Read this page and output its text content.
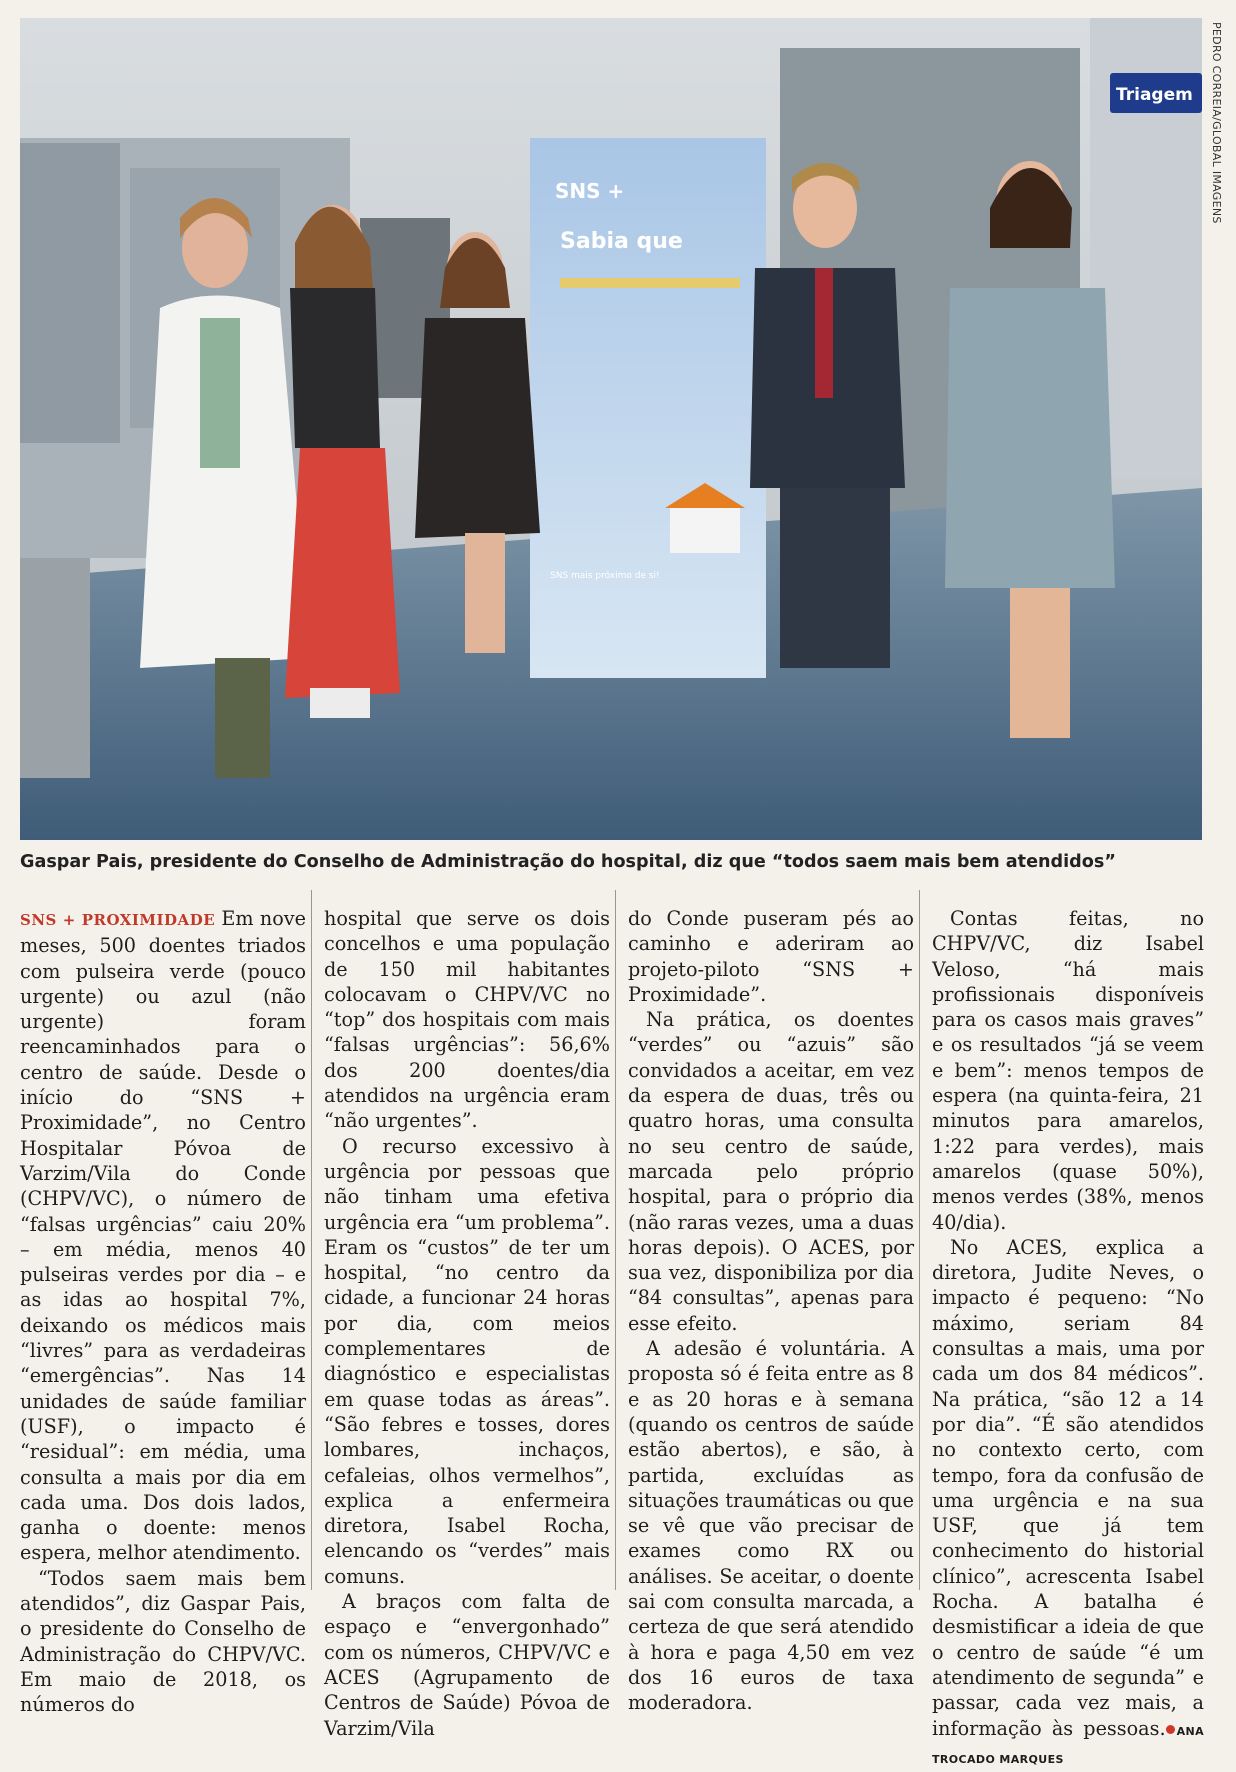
Triagem
SNS +
Sabia que
SNS mais próximo de si!
PEDRO CORREIA/GLOBAL IMAGENS
Gaspar Pais, presidente do Conselho de Administração do hospital, diz que “todos saem mais bem atendidos”

SNS + PROXIMIDADE Em nove meses, 500 doentes triados com pulseira verde (pouco urgente) ou azul (não urgente) foram reencaminhados para o centro de saúde. Desde o início do “SNS + Proximidade”, no Centro Hospitalar Póvoa de Varzim/Vila do Conde (CHPV/VC), o número de “falsas urgências” caiu 20% – em média, menos 40 pulseiras verdes por dia – e as idas ao hospital 7%, deixando os médicos mais “livres” para as verdadeiras “emergências”. Nas 14 unidades de saúde familiar (USF), o impacto é “residual”: em média, uma consulta a mais por dia em cada uma. Dos dois lados, ganha o doente: menos espera, melhor atendimento.

“Todos saem mais bem atendidos”, diz Gaspar Pais, o presidente do Conselho de Administração do CHPV/VC. Em maio de 2018, os números do

hospital que serve os dois concelhos e uma população de 150 mil habitantes colocavam o CHPV/VC no “top” dos hospitais com mais “falsas urgências”: 56,6% dos 200 doentes/dia atendidos na urgência eram “não urgentes”.

O recurso excessivo à urgência por pessoas que não tinham uma efetiva urgência era “um problema”. Eram os “custos” de ter um hospital, “no centro da cidade, a funcionar 24 horas por dia, com meios complementares de diagnóstico e especialistas em quase todas as áreas”. “São febres e tosses, dores lombares, inchaços, cefaleias, olhos vermelhos”, explica a enfermeira diretora, Isabel Rocha, elencando os “verdes” mais comuns.

A braços com falta de espaço e “envergonhado” com os números, CHPV/VC e ACES (Agrupamento de Centros de Saúde) Póvoa de Varzim/Vila

do Conde puseram pés ao caminho e aderiram ao projeto-piloto “SNS + Proximidade”.

Na prática, os doentes “verdes” ou “azuis” são convidados a aceitar, em vez da espera de duas, três ou quatro horas, uma consulta no seu centro de saúde, marcada pelo próprio hospital, para o próprio dia (não raras vezes, uma a duas horas depois). O ACES, por sua vez, disponibiliza por dia “84 consultas”, apenas para esse efeito.

A adesão é voluntária. A proposta só é feita entre as 8 e as 20 horas e à semana (quando os centros de saúde estão abertos), e são, à partida, excluídas as situações traumáticas ou que se vê que vão precisar de exames como RX ou análises. Se aceitar, o doente sai com consulta marcada, a certeza de que será atendido à hora e paga 4,50 em vez dos 16 euros de taxa moderadora.

Contas feitas, no CHPV/VC, diz Isabel Veloso, “há mais profissionais disponíveis para os casos mais graves” e os resultados “já se veem e bem”: menos tempos de espera (na quinta-feira, 21 minutos para amarelos, 1:22 para verdes), mais amarelos (quase 50%), menos verdes (38%, menos 40/dia).

No ACES, explica a diretora, Judite Neves, o impacto é pequeno: “No máximo, seriam 84 consultas a mais, uma por cada um dos 84 médicos”. Na prática, “são 12 a 14 por dia”. “É são atendidos no contexto certo, com tempo, fora da confusão de uma urgência e na sua USF, que já tem conhecimento do historial clínico”, acrescenta Isabel Rocha. A batalha é desmistificar a ideia de que o centro de saúde “é um atendimento de segunda” e passar, cada vez mais, a informação às pessoas. ANA TROCADO MARQUES
